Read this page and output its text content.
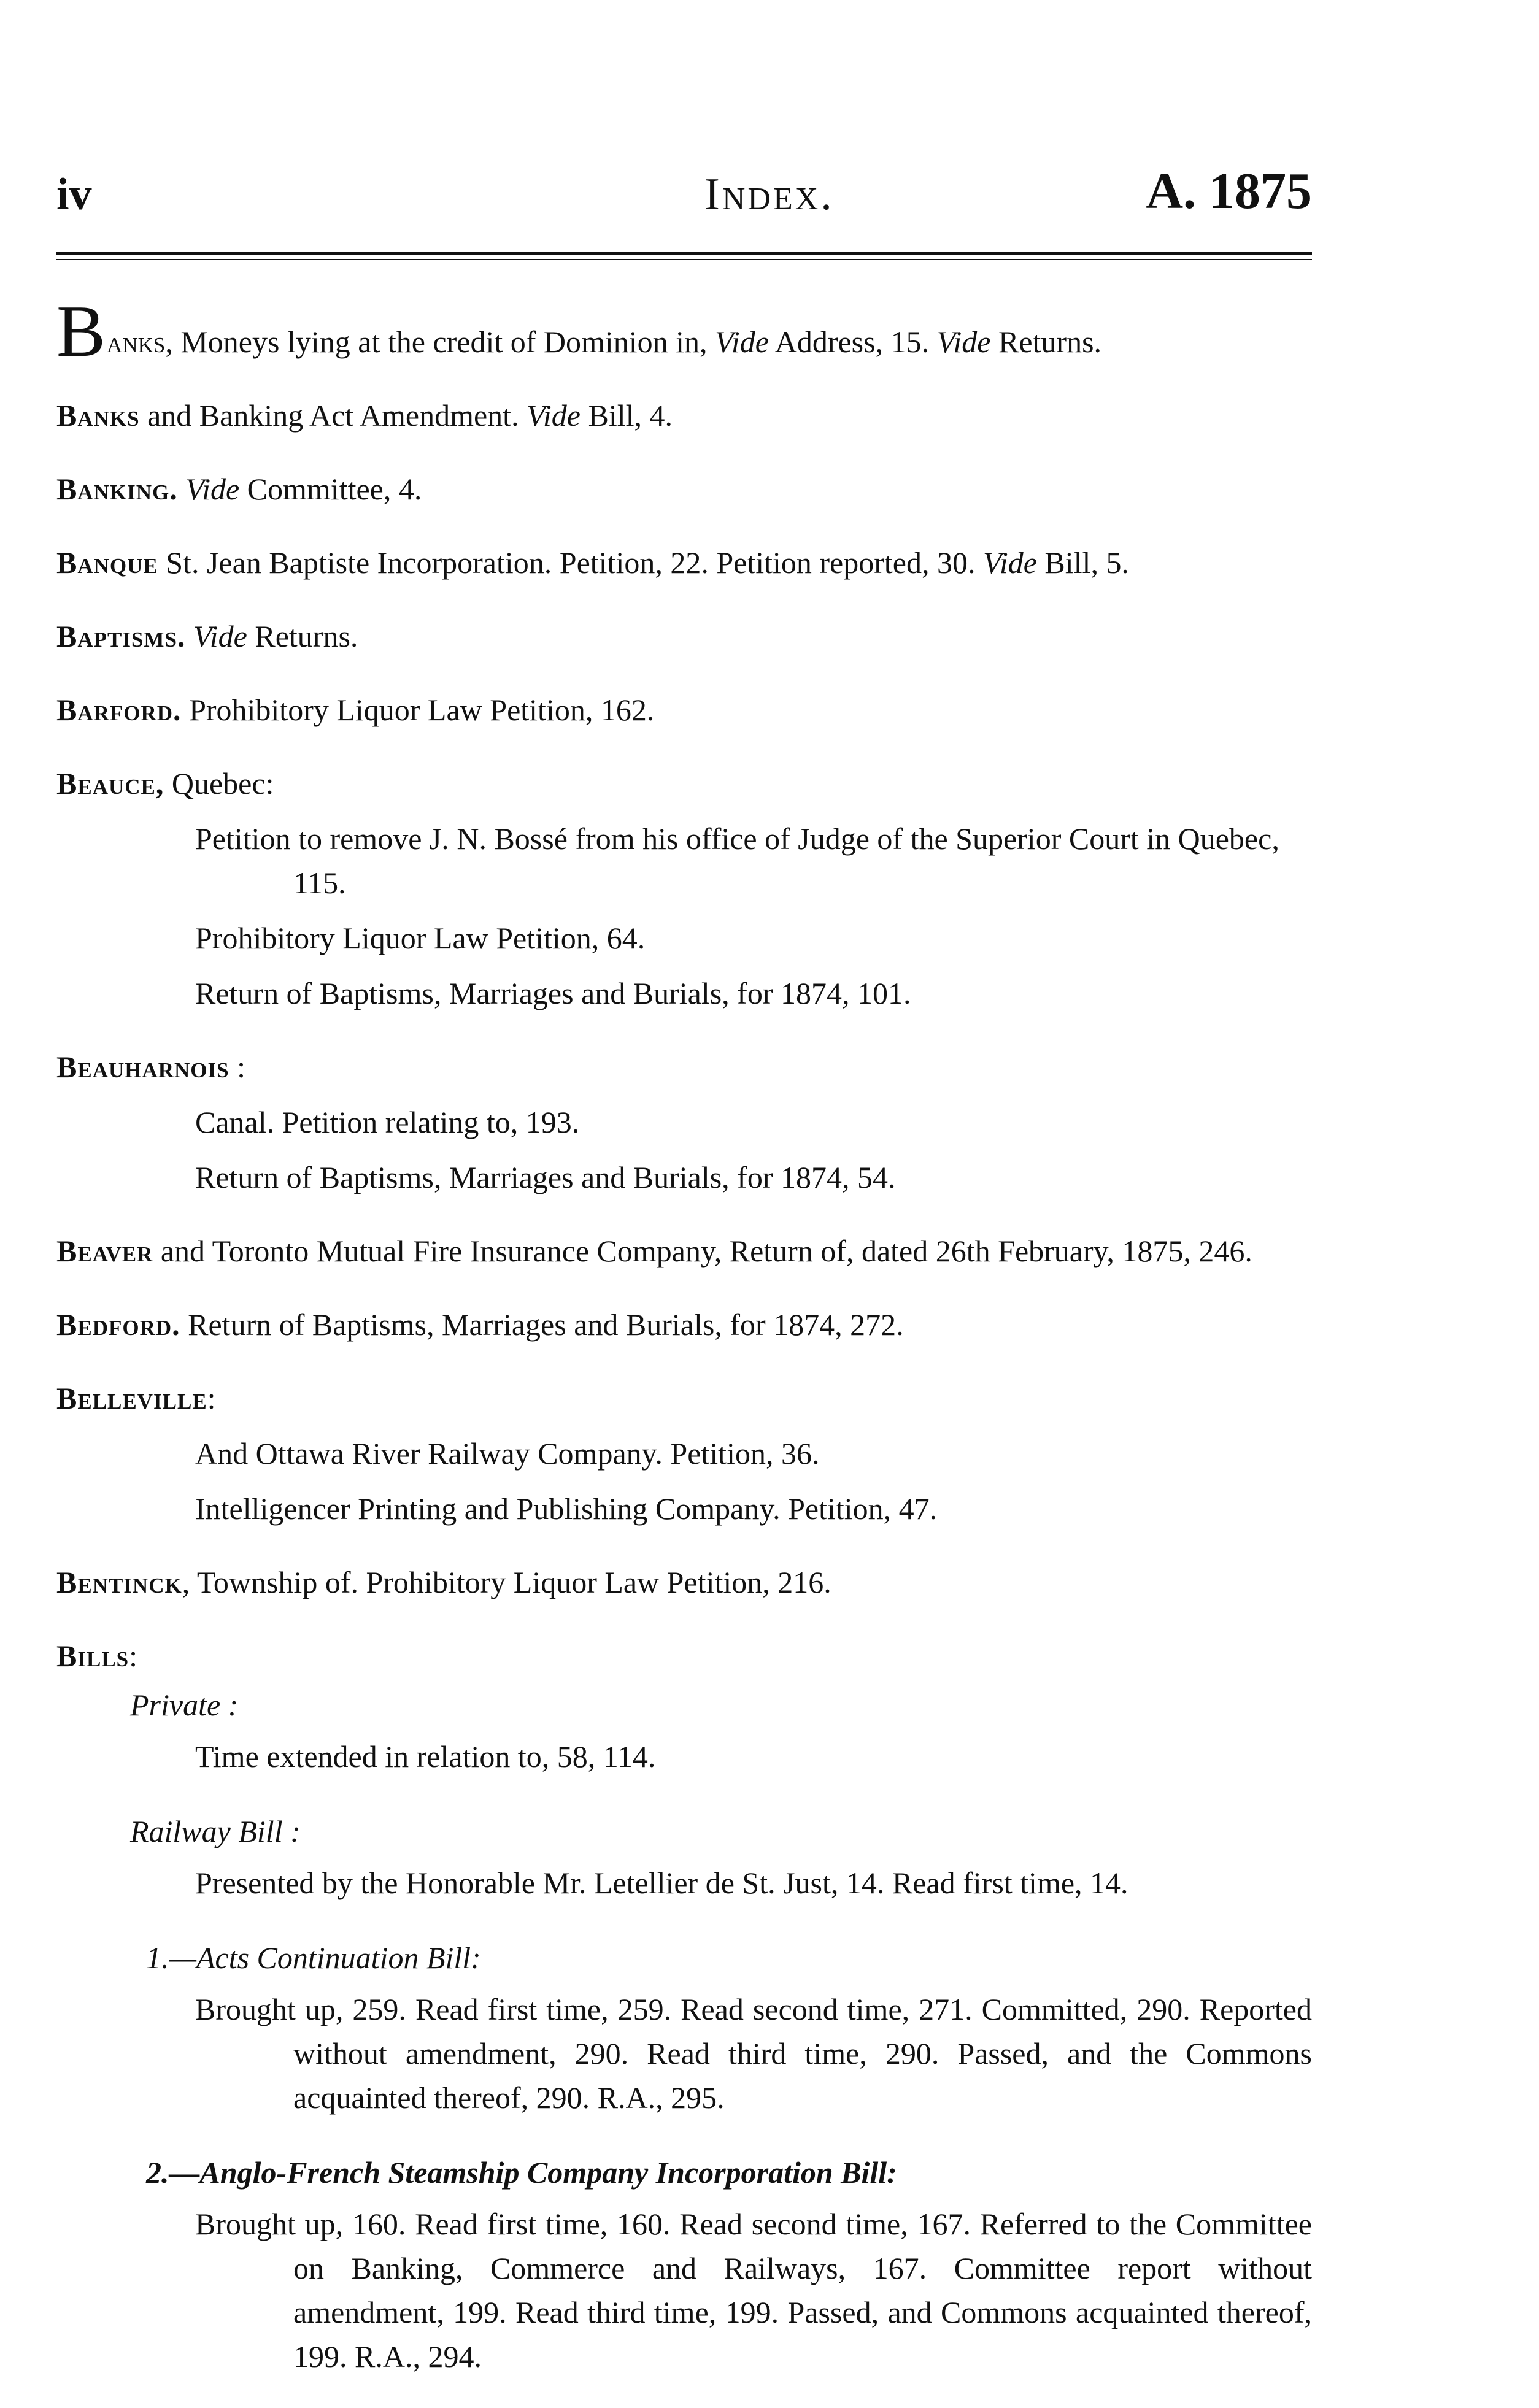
iv	Index.	A. 1875
Banks, Moneys lying at the credit of Dominion in, Vide Address, 15. Vide Returns.
Banks and Banking Act Amendment. Vide Bill, 4.
Banking. Vide Committee, 4.
Banque St. Jean Baptiste Incorporation. Petition, 22. Petition reported, 30. Vide Bill, 5.
Baptisms. Vide Returns.
Barford. Prohibitory Liquor Law Petition, 162.
Beauce, Quebec:
Petition to remove J. N. Bossé from his office of Judge of the Superior Court in Quebec, 115.
Prohibitory Liquor Law Petition, 64.
Return of Baptisms, Marriages and Burials, for 1874, 101.
Beauharnois :
Canal. Petition relating to, 193.
Return of Baptisms, Marriages and Burials, for 1874, 54.
Beaver and Toronto Mutual Fire Insurance Company, Return of, dated 26th February, 1875, 246.
Bedford. Return of Baptisms, Marriages and Burials, for 1874, 272.
Belleville:
And Ottawa River Railway Company. Petition, 36.
Intelligencer Printing and Publishing Company. Petition, 47.
Bentinck, Township of. Prohibitory Liquor Law Petition, 216.
Bills:
Private :
Time extended in relation to, 58, 114.
Railway Bill :
Presented by the Honorable Mr. Letellier de St. Just, 14. Read first time, 14.
1.—Acts Continuation Bill:
Brought up, 259. Read first time, 259. Read second time, 271. Committed, 290. Reported without amendment, 290. Read third time, 290. Passed, and the Commons acquainted thereof, 290. R.A., 295.
2.—Anglo-French Steamship Company Incorporation Bill:
Brought up, 160. Read first time, 160. Read second time, 167. Referred to the Committee on Banking, Commerce and Railways, 167. Committee report without amendment, 199. Read third time, 199. Passed, and Commons acquainted thereof, 199. R.A., 294.
